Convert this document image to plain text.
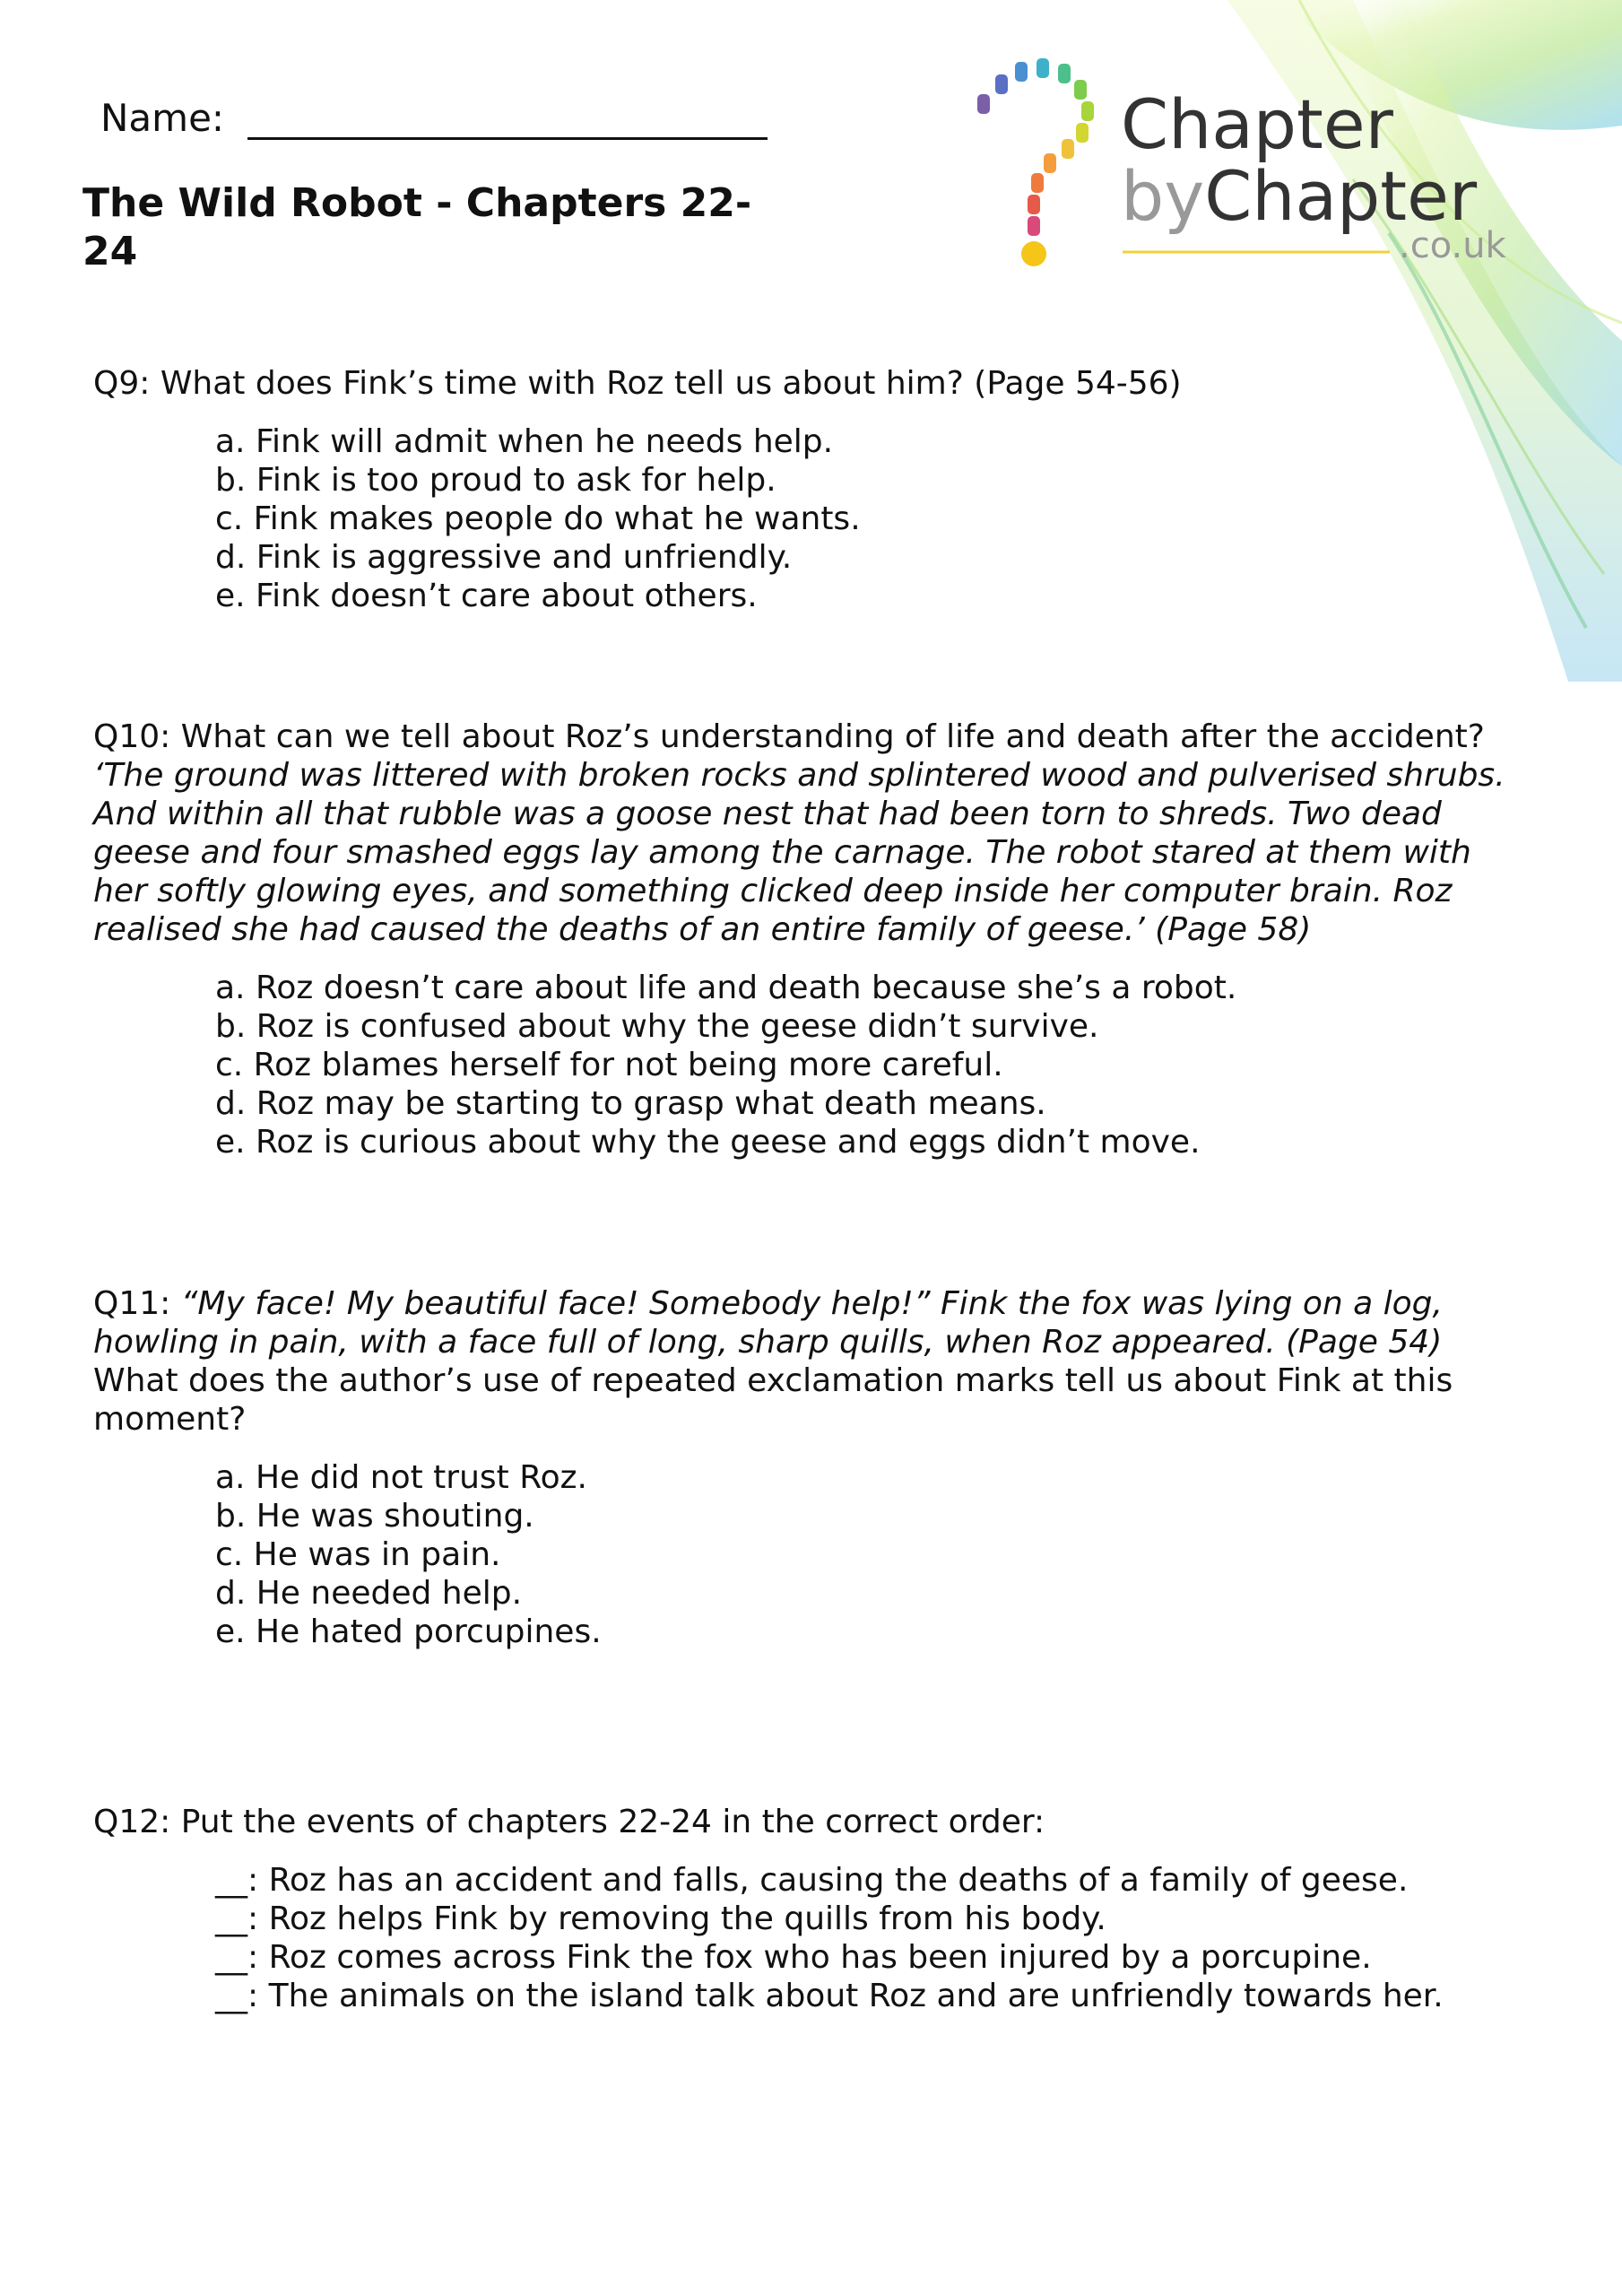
Chapter
byChapter
.co.uk
Name:
The Wild Robot - Chapters 22-24

Q9: What does Fink’s time with Roz tell us about him? (Page 54-56)

a. Fink will admit when he needs help.
b. Fink is too proud to ask for help.
c. Fink makes people do what he wants.
d. Fink is aggressive and unfriendly.
e. Fink doesn’t care about others.

Q10: What can we tell about Roz’s understanding of life and death after the accident?

‘The ground was littered with broken rocks and splintered wood and pulverised shrubs. And within all that rubble was a goose nest that had been torn to shreds. Two dead geese and four smashed eggs lay among the carnage. The robot stared at them with her softly glowing eyes, and something clicked deep inside her computer brain. Roz realised she had caused the deaths of an entire family of geese.’ (Page 58)

a. Roz doesn’t care about life and death because she’s a robot.
b. Roz is confused about why the geese didn’t survive.
c. Roz blames herself for not being more careful.
d. Roz may be starting to grasp what death means.
e. Roz is curious about why the geese and eggs didn’t move.

Q11: “My face! My beautiful face! Somebody help!” Fink the fox was lying on a log, howling in pain, with a face full of long, sharp quills, when Roz appeared. (Page 54)

What does the author’s use of repeated exclamation marks tell us about Fink at this moment?

a. He did not trust Roz.
b. He was shouting.
c. He was in pain.
d. He needed help.
e. He hated porcupines.

Q12: Put the events of chapters 22-24 in the correct order:

__: Roz has an accident and falls, causing the deaths of a family of geese.
__: Roz helps Fink by removing the quills from his body.
__: Roz comes across Fink the fox who has been injured by a porcupine.
__: The animals on the island talk about Roz and are unfriendly towards her.
